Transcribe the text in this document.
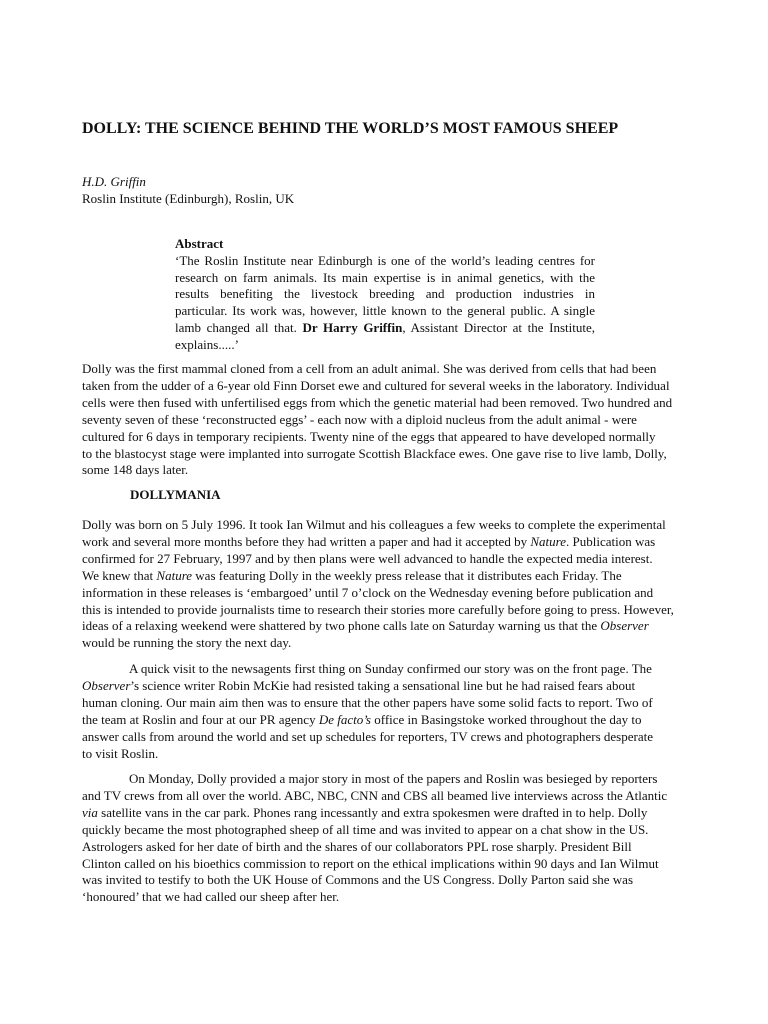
DOLLY: THE SCIENCE BEHIND THE WORLD’S MOST FAMOUS SHEEP
H.D. Griffin
Roslin Institute (Edinburgh), Roslin, UK
Abstract
‘The Roslin Institute near Edinburgh is one of the world’s leading centres for
research on farm animals. Its main expertise is in animal genetics, with the
results benefiting the livestock breeding and production industries in
particular. Its work was, however, little known to the general public. A single
lamb changed all that. Dr Harry Griffin, Assistant Director at the Institute,
explains.....’
Dolly was the first mammal cloned from a cell from an adult animal. She was derived from cells that had been
taken from the udder of a 6-year old Finn Dorset ewe and cultured for several weeks in the laboratory. Individual
cells were then fused with unfertilised eggs from which the genetic material had been removed. Two hundred and
seventy seven of these ‘reconstructed eggs’ - each now with a diploid nucleus from the adult animal - were
cultured for 6 days in temporary recipients. Twenty nine of the eggs that appeared to have developed normally
to the blastocyst stage were implanted into surrogate Scottish Blackface ewes. One gave rise to live lamb, Dolly,
some 148 days later.
DOLLYMANIA
Dolly was born on 5 July 1996. It took Ian Wilmut and his colleagues a few weeks to complete the experimental
work and several more months before they had written a paper and had it accepted by Nature. Publication was
confirmed for 27 February, 1997 and by then plans were well advanced to handle the expected media interest.
We knew that Nature was featuring Dolly in the weekly press release that it distributes each Friday. The
information in these releases is ‘embargoed’ until 7 o’clock on the Wednesday evening before publication and
this is intended to provide journalists time to research their stories more carefully before going to press. However,
ideas of a relaxing weekend were shattered by two phone calls late on Saturday warning us that the Observer
would be running the story the next day.
A quick visit to the newsagents first thing on Sunday confirmed our story was on the front page. The
Observer’s science writer Robin McKie had resisted taking a sensational line but he had raised fears about
human cloning. Our main aim then was to ensure that the other papers have some solid facts to report. Two of
the team at Roslin and four at our PR agency De facto’s office in Basingstoke worked throughout the day to
answer calls from around the world and set up schedules for reporters, TV crews and photographers desperate
to visit Roslin.
On Monday, Dolly provided a major story in most of the papers and Roslin was besieged by reporters
and TV crews from all over the world. ABC, NBC, CNN and CBS all beamed live interviews across the Atlantic
via satellite vans in the car park. Phones rang incessantly and extra spokesmen were drafted in to help. Dolly
quickly became the most photographed sheep of all time and was invited to appear on a chat show in the US.
Astrologers asked for her date of birth and the shares of our collaborators PPL rose sharply. President Bill
Clinton called on his bioethics commission to report on the ethical implications within 90 days and Ian Wilmut
was invited to testify to both the UK House of Commons and the US Congress. Dolly Parton said she was
‘honoured’ that we had called our sheep after her.
